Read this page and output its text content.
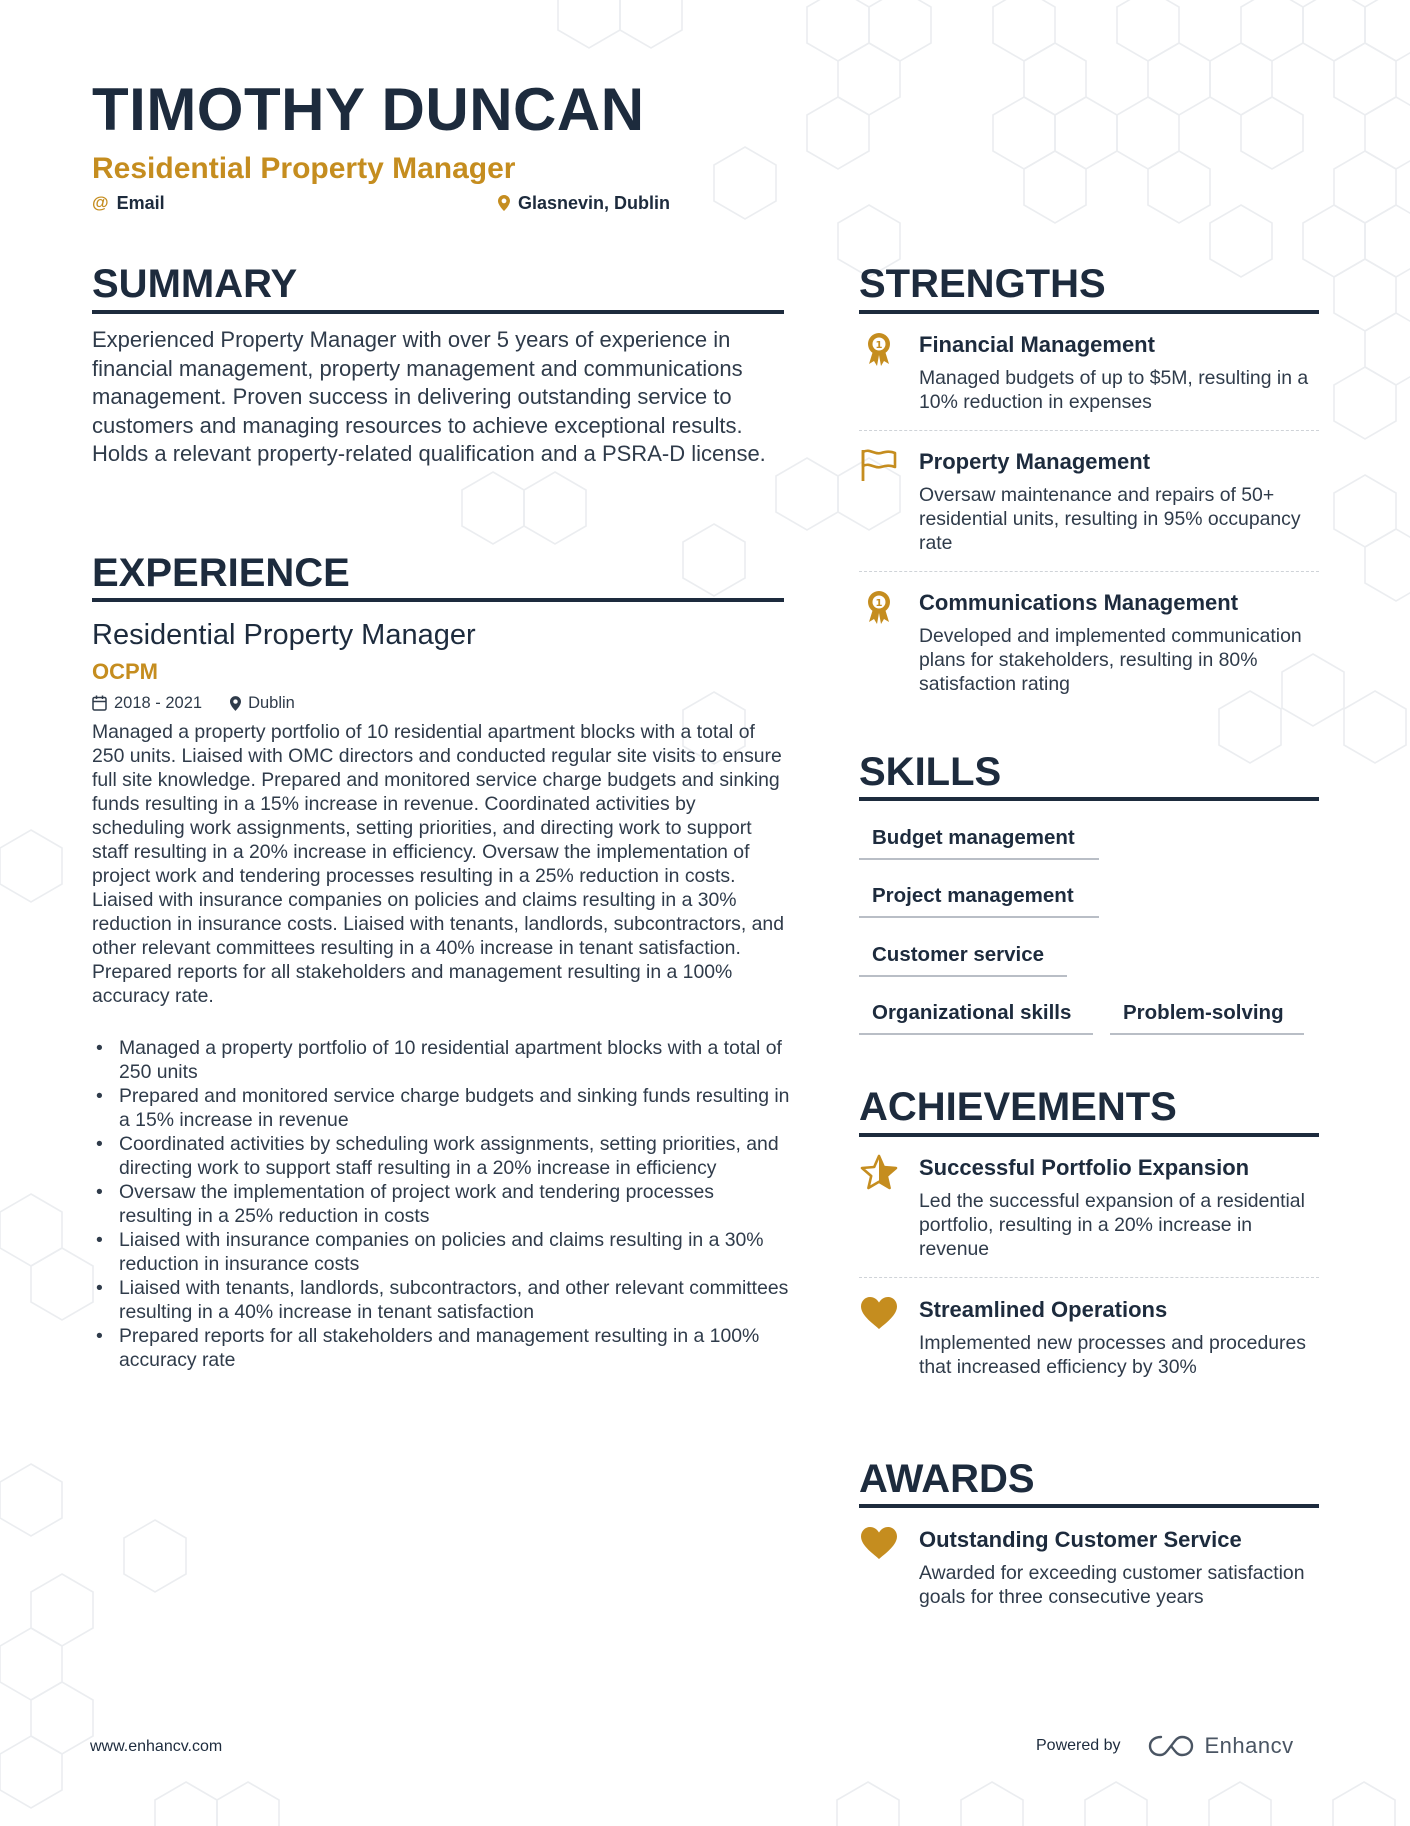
TIMOTHY DUNCAN
Residential Property Manager
@ Email	Glasnevin, Dublin
SUMMARY
Experienced Property Manager with over 5 years of experience in financial management, property management and communications management. Proven success in delivering outstanding service to customers and managing resources to achieve exceptional results. Holds a relevant property-related qualification and a PSRA-D license.
EXPERIENCE
Residential Property Manager
OCPM
2018 - 2021	Dublin
Managed a property portfolio of 10 residential apartment blocks with a total of 250 units. Liaised with OMC directors and conducted regular site visits to ensure full site knowledge. Prepared and monitored service charge budgets and sinking funds resulting in a 15% increase in revenue. Coordinated activities by scheduling work assignments, setting priorities, and directing work to support staff resulting in a 20% increase in efficiency. Oversaw the implementation of project work and tendering processes resulting in a 25% reduction in costs. Liaised with insurance companies on policies and claims resulting in a 30% reduction in insurance costs. Liaised with tenants, landlords, subcontractors, and other relevant committees resulting in a 40% increase in tenant satisfaction. Prepared reports for all stakeholders and management resulting in a 100% accuracy rate.
• Managed a property portfolio of 10 residential apartment blocks with a total of 250 units
• Prepared and monitored service charge budgets and sinking funds resulting in a 15% increase in revenue
• Coordinated activities by scheduling work assignments, setting priorities, and directing work to support staff resulting in a 20% increase in efficiency
• Oversaw the implementation of project work and tendering processes resulting in a 25% reduction in costs
• Liaised with insurance companies on policies and claims resulting in a 30% reduction in insurance costs
• Liaised with tenants, landlords, subcontractors, and other relevant committees resulting in a 40% increase in tenant satisfaction
• Prepared reports for all stakeholders and management resulting in a 100% accuracy rate
STRENGTHS
1 Financial Management
Managed budgets of up to $5M, resulting in a 10% reduction in expenses
Property Management
Oversaw maintenance and repairs of 50+ residential units, resulting in 95% occupancy rate
1 Communications Management
Developed and implemented communication plans for stakeholders, resulting in 80% satisfaction rating
SKILLS
Budget management
Project management
Customer service
Organizational skills	Problem-solving
ACHIEVEMENTS
Successful Portfolio Expansion
Led the successful expansion of a residential portfolio, resulting in a 20% increase in revenue
Streamlined Operations
Implemented new processes and procedures that increased efficiency by 30%
AWARDS
Outstanding Customer Service
Awarded for exceeding customer satisfaction goals for three consecutive years
www.enhancv.com	Powered by	Enhancv
